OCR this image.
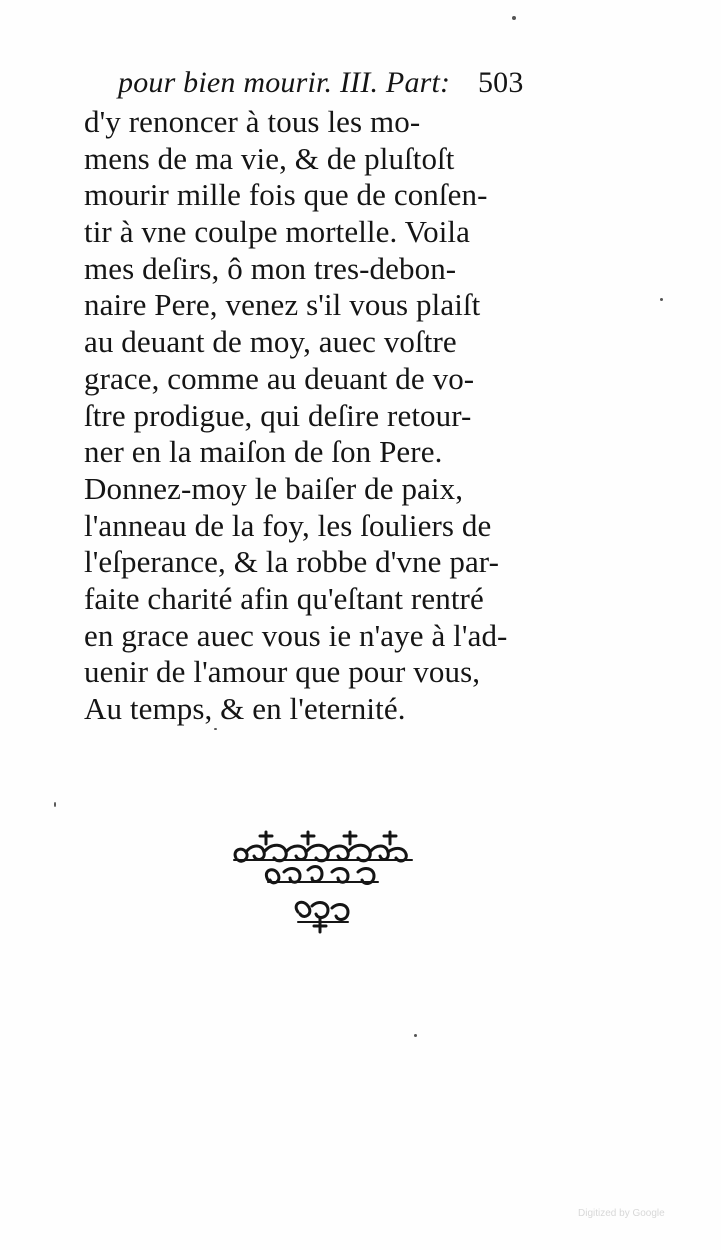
pour bien mourir. III. Part: 503
d'y renoncer à tous les mo-
mens de ma vie, & de pluſtoſt
mourir mille fois que de conſen-
tir à vne coulpe mortelle. Voila
mes deſirs, ô mon tres-debon-
naire Pere, venez s'il vous plaiſt
au deuant de moy, auec voſtre
grace, comme au deuant de vo-
ſtre prodigue, qui deſire retour-
ner en la maiſon de ſon Pere.
Donnez-moy le baiſer de paix,
l'anneau de la foy, les ſouliers de
l'eſperance, & la robbe d'vne par-
faite charité afin qu'eſtant rentré
en grace auec vous ie n'aye à l'ad-
uenir de l'amour que pour vous,
Au temps, & en l'eternité.
Digitized by Google
